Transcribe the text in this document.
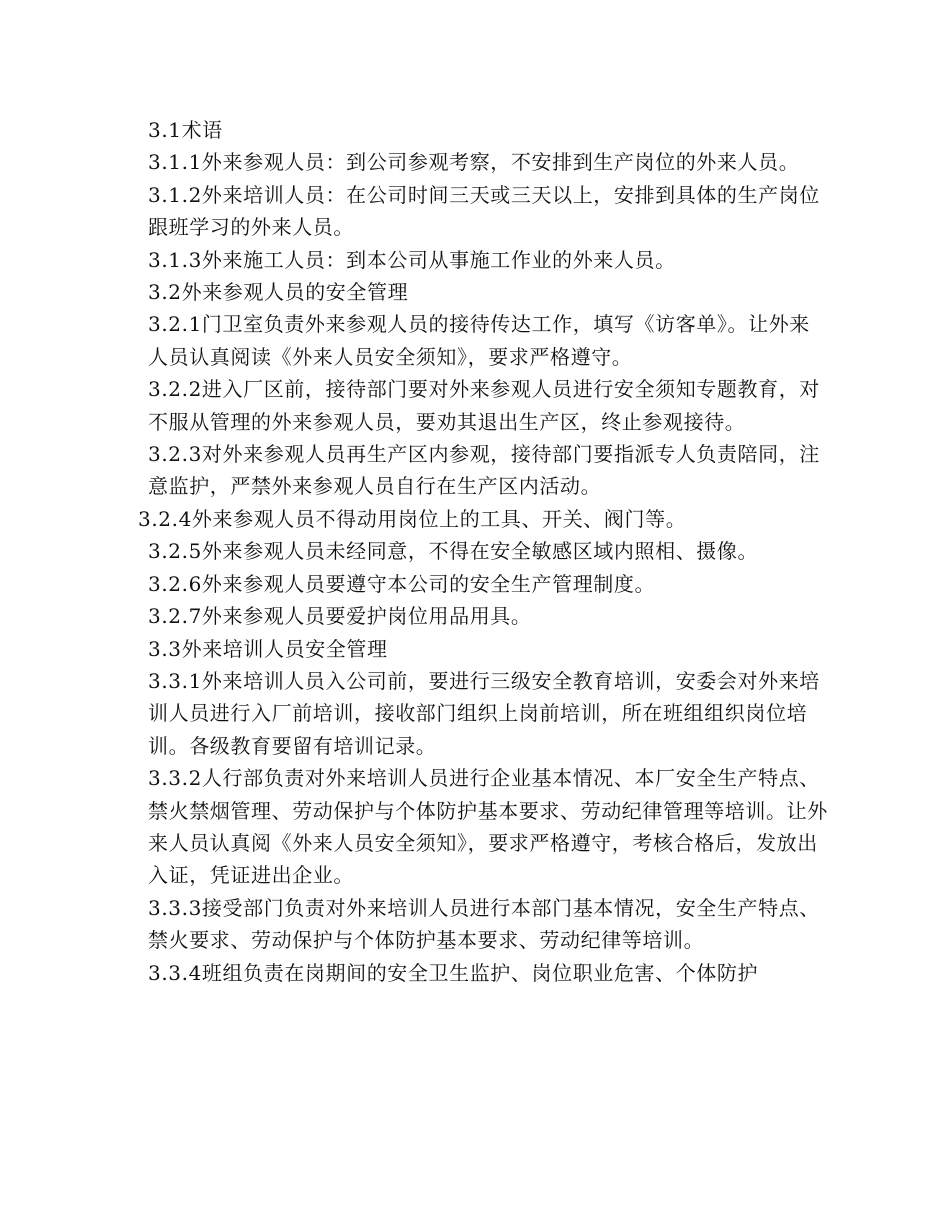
3.1术语

3.1.1外来参观人员：到公司参观考察，不安排到生产岗位的外来人员。

3.1.2外来培训人员：在公司时间三天或三天以上，安排到具体的生产岗位跟班学习的外来人员。

3.1.3外来施工人员：到本公司从事施工作业的外来人员。

3.2外来参观人员的安全管理

3.2.1门卫室负责外来参观人员的接待传达工作，填写《访客单》。让外来人员认真阅读《外来人员安全须知》，要求严格遵守。

3.2.2进入厂区前，接待部门要对外来参观人员进行安全须知专题教育，对不服从管理的外来参观人员，要劝其退出生产区，终止参观接待。

3.2.3对外来参观人员再生产区内参观，接待部门要指派专人负责陪同，注意监护，严禁外来参观人员自行在生产区内活动。

3.2.4外来参观人员不得动用岗位上的工具、开关、阀门等。

3.2.5外来参观人员未经同意，不得在安全敏感区域内照相、摄像。

3.2.6外来参观人员要遵守本公司的安全生产管理制度。

3.2.7外来参观人员要爱护岗位用品用具。

3.3外来培训人员安全管理

3.3.1外来培训人员入公司前，要进行三级安全教育培训，安委会对外来培训人员进行入厂前培训，接收部门组织上岗前培训，所在班组组织岗位培训。各级教育要留有培训记录。

3.3.2人行部负责对外来培训人员进行企业基本情况、本厂安全生产特点、禁火禁烟管理、劳动保护与个体防护基本要求、劳动纪律管理等培训。让外来人员认真阅《外来人员安全须知》，要求严格遵守，考核合格后，发放出入证，凭证进出企业。

3.3.3接受部门负责对外来培训人员进行本部门基本情况，安全生产特点、禁火要求、劳动保护与个体防护基本要求、劳动纪律等培训。

3.3.4班组负责在岗期间的安全卫生监护、岗位职业危害、个体防护
